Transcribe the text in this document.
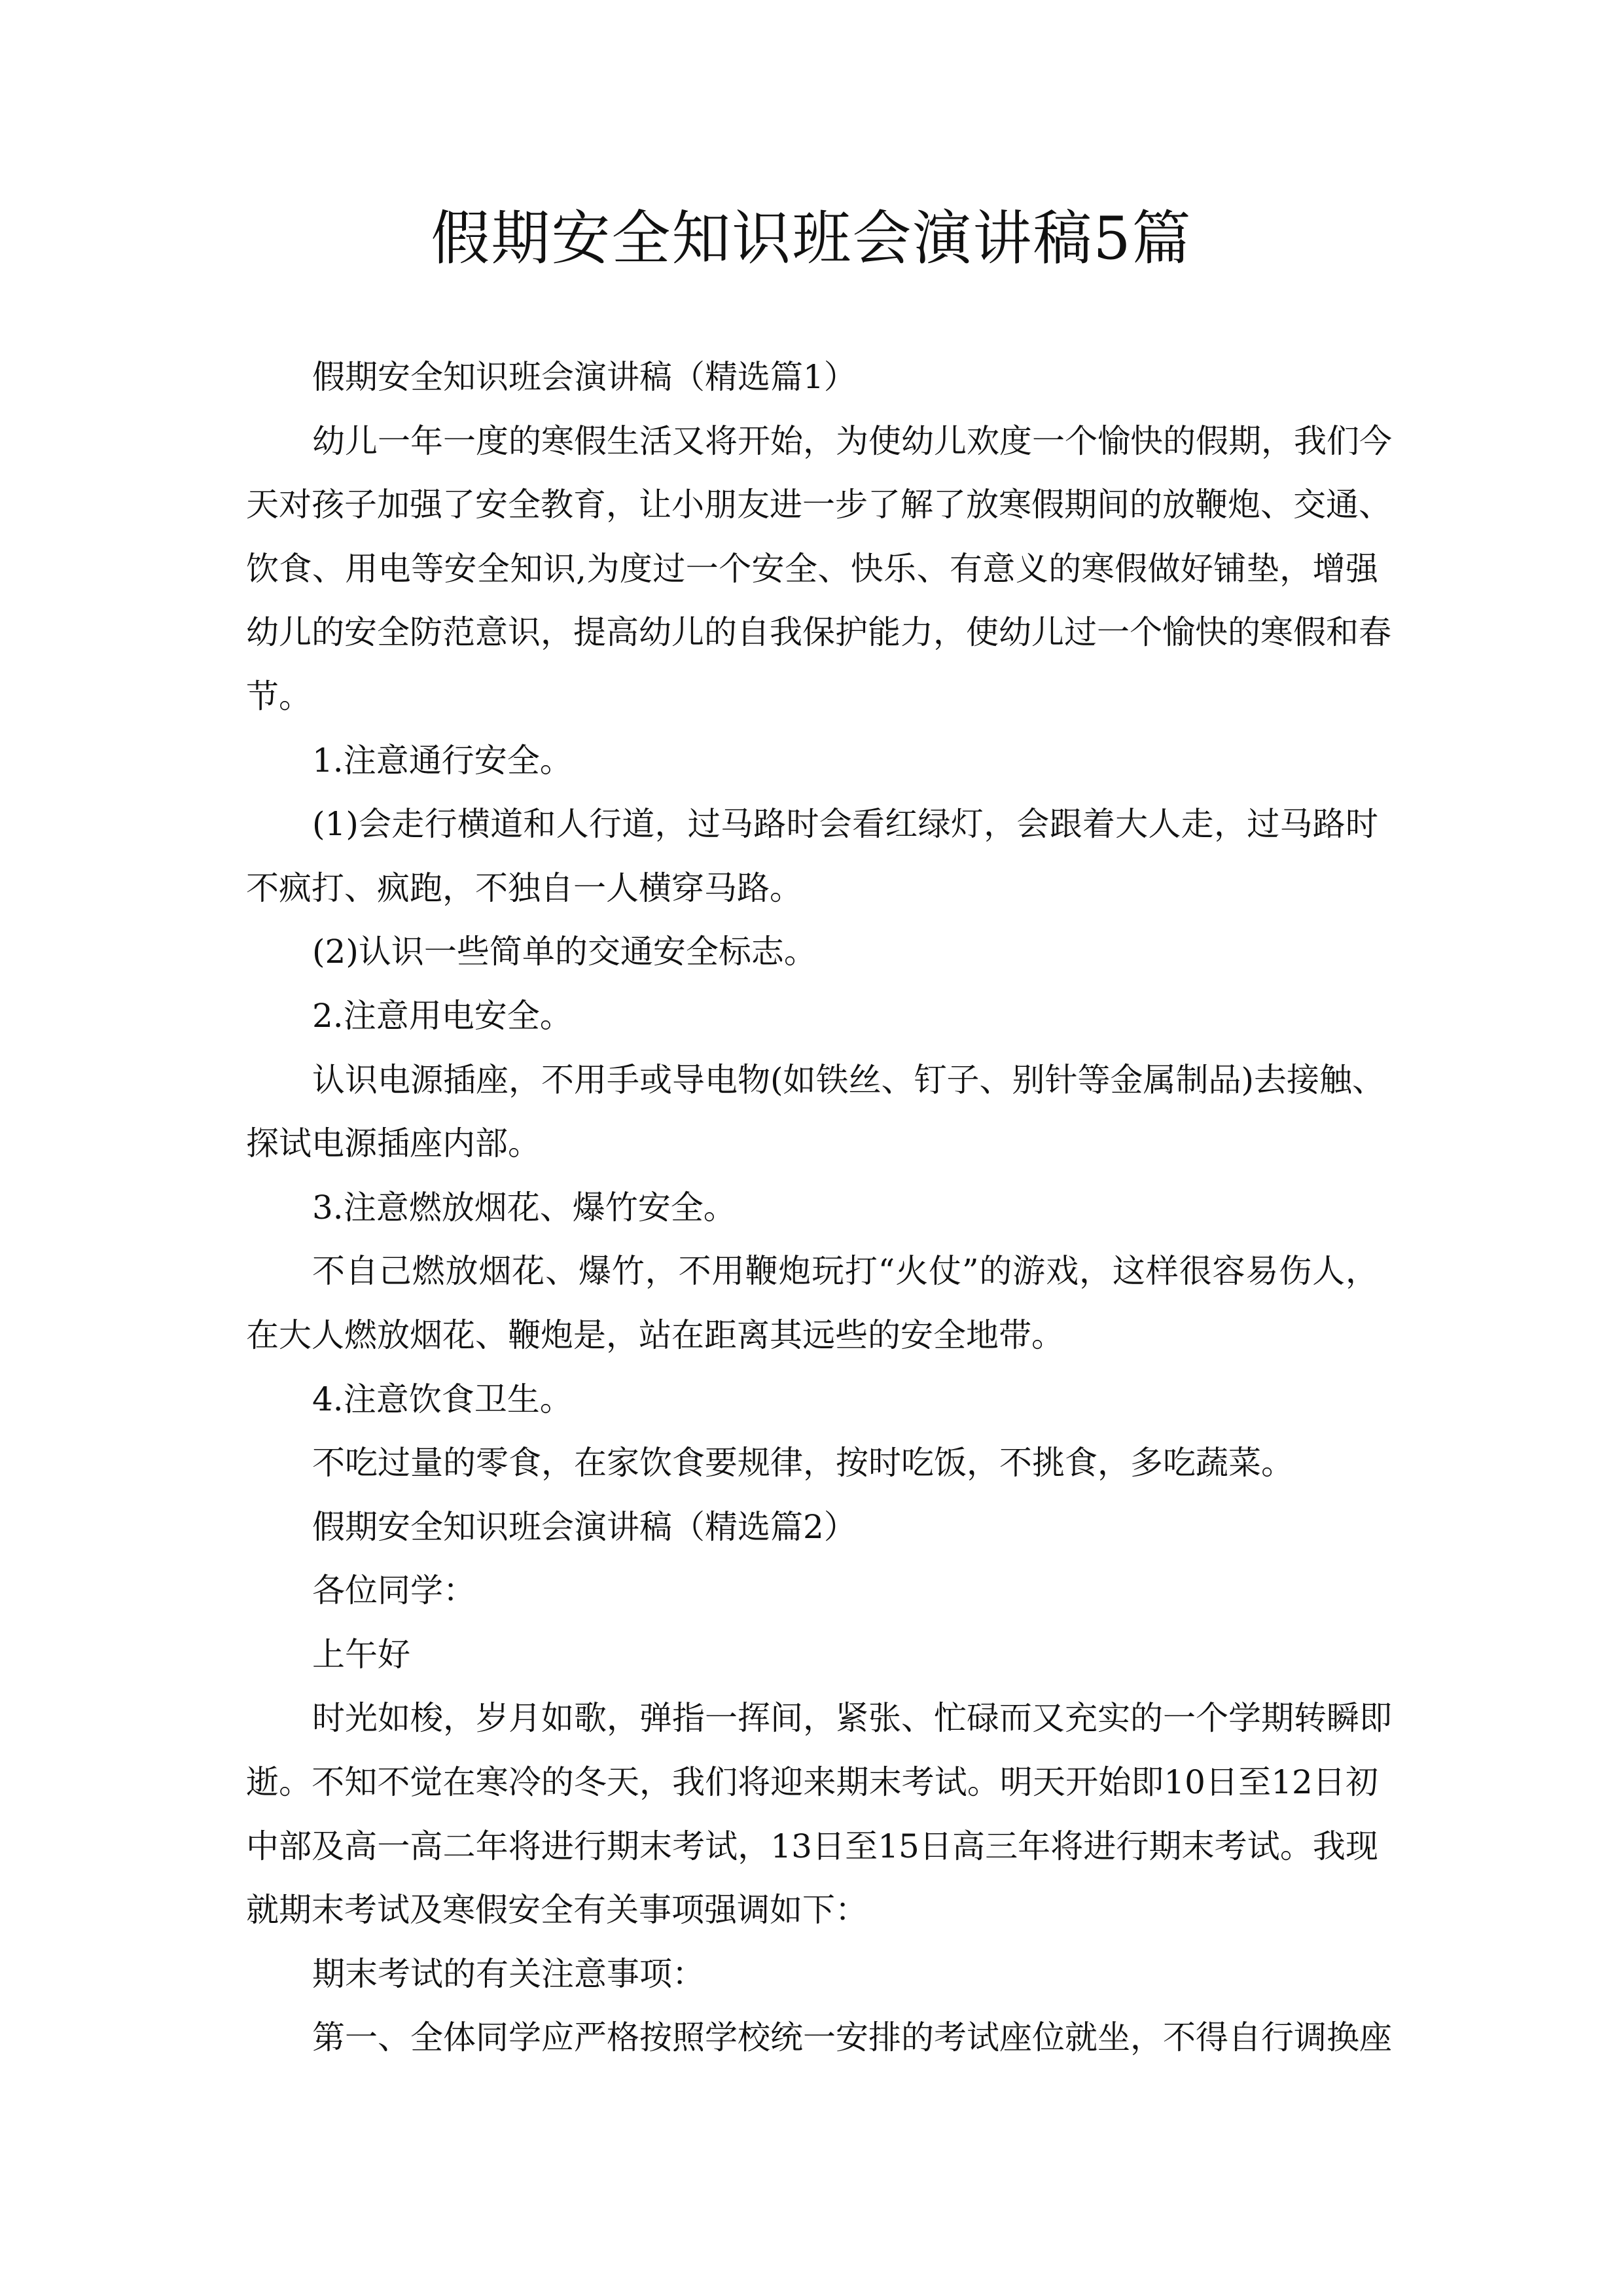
假期安全知识班会演讲稿5篇
假期安全知识班会演讲稿（精选篇1）
幼儿一年一度的寒假生活又将开始，为使幼儿欢度一个愉快的假期，我们今
天对孩子加强了安全教育，让小朋友进一步了解了放寒假期间的放鞭炮、交通、
饮食、用电等安全知识,为度过一个安全、快乐、有意义的寒假做好铺垫，增强
幼儿的安全防范意识，提高幼儿的自我保护能力，使幼儿过一个愉快的寒假和春
节。
1.注意通行安全。
(1)会走行横道和人行道，过马路时会看红绿灯，会跟着大人走，过马路时
不疯打、疯跑，不独自一人横穿马路。
(2)认识一些简单的交通安全标志。
2.注意用电安全。
认识电源插座，不用手或导电物(如铁丝、钉子、别针等金属制品)去接触、
探试电源插座内部。
3.注意燃放烟花、爆竹安全。
不自己燃放烟花、爆竹，不用鞭炮玩打“火仗”的游戏，这样很容易伤人，
在大人燃放烟花、鞭炮是，站在距离其远些的安全地带。
4.注意饮食卫生。
不吃过量的零食，在家饮食要规律，按时吃饭，不挑食，多吃蔬菜。
假期安全知识班会演讲稿（精选篇2）
各位同学：
上午好
时光如梭，岁月如歌，弹指一挥间，紧张、忙碌而又充实的一个学期转瞬即
逝。不知不觉在寒冷的冬天，我们将迎来期末考试。明天开始即10日至12日初
中部及高一高二年将进行期末考试，13日至15日高三年将进行期末考试。我现
就期末考试及寒假安全有关事项强调如下：
期末考试的有关注意事项：
第一、全体同学应严格按照学校统一安排的考试座位就坐，不得自行调换座
